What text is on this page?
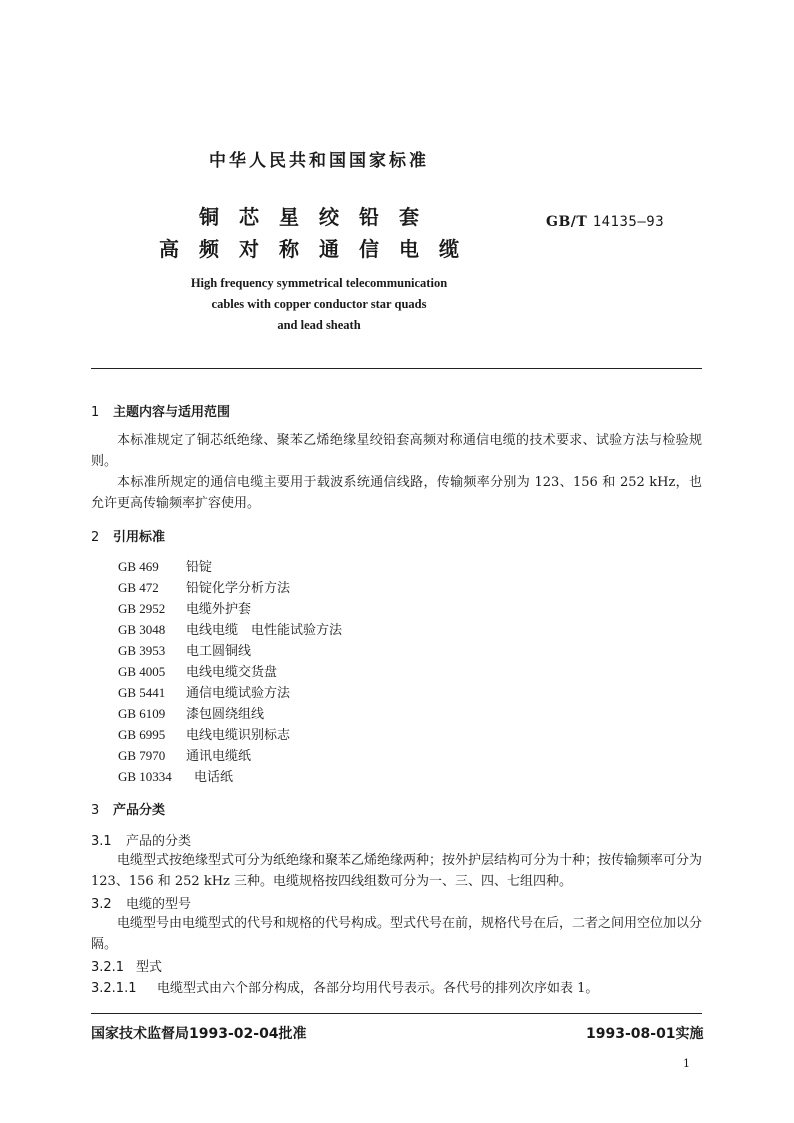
中华人民共和国国家标准
铜芯星绞铅套
高频对称通信电缆
GB/T 14135—93
High frequency symmetrical telecommunication
cables with copper conductor star quads
and lead sheath
1 主题内容与适用范围
本标准规定了铜芯纸绝缘、聚苯乙烯绝缘星绞铅套高频对称通信电缆的技术要求、试验方法与检验规则。
本标准所规定的通信电缆主要用于载波系统通信线路，传输频率分别为 123、156 和 252 kHz，也允许更高传输频率扩容使用。
2 引用标准
GB 469 铅锭
GB 472 铅锭化学分析方法
GB 2952 电缆外护套
GB 3048 电线电缆　电性能试验方法
GB 3953 电工圆铜线
GB 4005 电线电缆交货盘
GB 5441 通信电缆试验方法
GB 6109 漆包圆绕组线
GB 6995 电线电缆识别标志
GB 7970 通讯电缆纸
GB 10334 电话纸
3 产品分类
3.1 产品的分类
电缆型式按绝缘型式可分为纸绝缘和聚苯乙烯绝缘两种；按外护层结构可分为十种；按传输频率可分为 123、156 和 252 kHz 三种。电缆规格按四线组数可分为一、三、四、七组四种。
3.2 电缆的型号
电缆型号由电缆型式的代号和规格的代号构成。型式代号在前，规格代号在后，二者之间用空位加以分隔。
3.2.1 型式
3.2.1.1 电缆型式由六个部分构成，各部分均用代号表示。各代号的排列次序如表 1。
国家技术监督局1993-02-04批准	1993-08-01实施
1
